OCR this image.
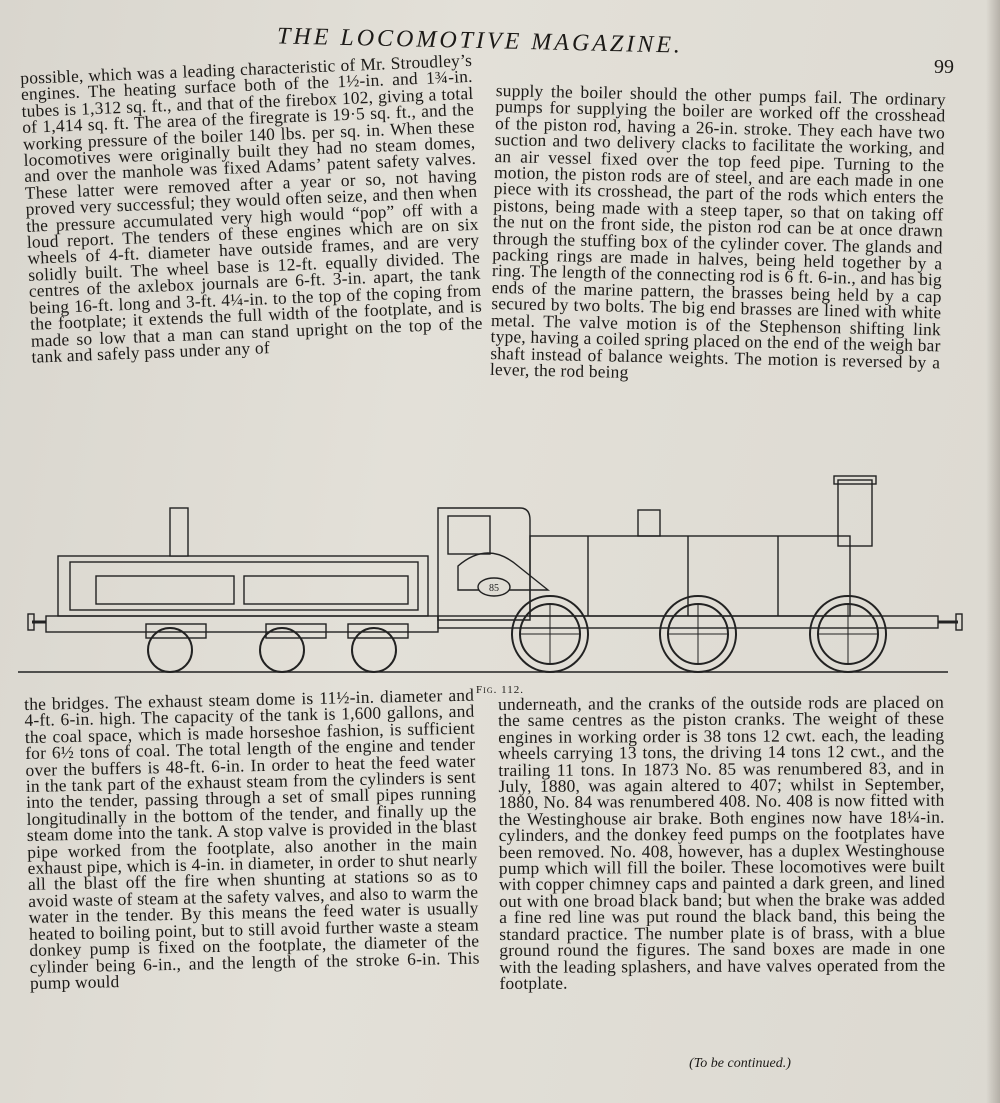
THE LOCOMOTIVE MAGAZINE.
99

possible, which was a leading characteristic of Mr. Stroudley’s engines. The heating surface both of the 1½-in. and 1¾-in. tubes is 1,312 sq. ft., and that of the firebox 102, giving a total of 1,414 sq. ft. The area of the firegrate is 19·5 sq. ft., and the working pressure of the boiler 140 lbs. per sq. in. When these locomotives were originally built they had no steam domes, and over the manhole was fixed Adams’ patent safety valves. These latter were removed after a year or so, not having proved very successful; they would often seize, and then when the pressure accumulated very high would “pop” off with a loud report. The tenders of these engines which are on six wheels of 4-ft. diameter have outside frames, and are very solidly built. The wheel base is 12-ft. equally divided. The centres of the axlebox journals are 6-ft. 3-in. apart, the tank being 16-ft. long and 3-ft. 4¼-in. to the top of the coping from the footplate; it extends the full width of the footplate, and is made so low that a man can stand upright on the top of the tank and safely pass under any of

supply the boiler should the other pumps fail. The ordinary pumps for supplying the boiler are worked off the crosshead of the piston rod, having a 26-in. stroke. They each have two suction and two delivery clacks to facilitate the working, and an air vessel fixed over the top feed pipe. Turning to the motion, the piston rods are of steel, and are each made in one piece with its crosshead, the part of the rods which enters the pistons, being made with a steep taper, so that on taking off the nut on the front side, the piston rod can be at once drawn through the stuffing box of the cylinder cover. The glands and packing rings are made in halves, being held together by a ring. The length of the connecting rod is 6 ft. 6-in., and has big ends of the marine pattern, the brasses being held by a cap secured by two bolts. The big end brasses are lined with white metal. The valve motion is of the Stephenson shifting link type, having a coiled spring placed on the end of the weigh bar shaft instead of balance weights. The motion is reversed by a lever, the rod being

85
Fig. 112.

the bridges. The exhaust steam dome is 11½-in. diameter and 4-ft. 6-in. high. The capacity of the tank is 1,600 gallons, and the coal space, which is made horseshoe fashion, is sufficient for 6½ tons of coal. The total length of the engine and tender over the buffers is 48-ft. 6-in. In order to heat the feed water in the tank part of the exhaust steam from the cylinders is sent into the tender, passing through a set of small pipes running longitudinally in the bottom of the tender, and finally up the steam dome into the tank. A stop valve is provided in the blast pipe worked from the footplate, also another in the main exhaust pipe, which is 4-in. in diameter, in order to shut nearly all the blast off the fire when shunting at stations so as to avoid waste of steam at the safety valves, and also to warm the water in the tender. By this means the feed water is usually heated to boiling point, but to still avoid further waste a steam donkey pump is fixed on the footplate, the diameter of the cylinder being 6-in., and the length of the stroke 6-in. This pump would

underneath, and the cranks of the outside rods are placed on the same centres as the piston cranks. The weight of these engines in working order is 38 tons 12 cwt. each, the leading wheels carrying 13 tons, the driving 14 tons 12 cwt., and the trailing 11 tons. In 1873 No. 85 was renumbered 83, and in July, 1880, was again altered to 407; whilst in September, 1880, No. 84 was renumbered 408. No. 408 is now fitted with the Westinghouse air brake. Both engines now have 18¼-in. cylinders, and the donkey feed pumps on the footplates have been removed. No. 408, however, has a duplex Westinghouse pump which will fill the boiler. These locomotives were built with copper chimney caps and painted a dark green, and lined out with one broad black band; but when the brake was added a fine red line was put round the black band, this being the standard practice. The number plate is of brass, with a blue ground round the figures. The sand boxes are made in one with the leading splashers, and have valves operated from the footplate.

(To be continued.)
